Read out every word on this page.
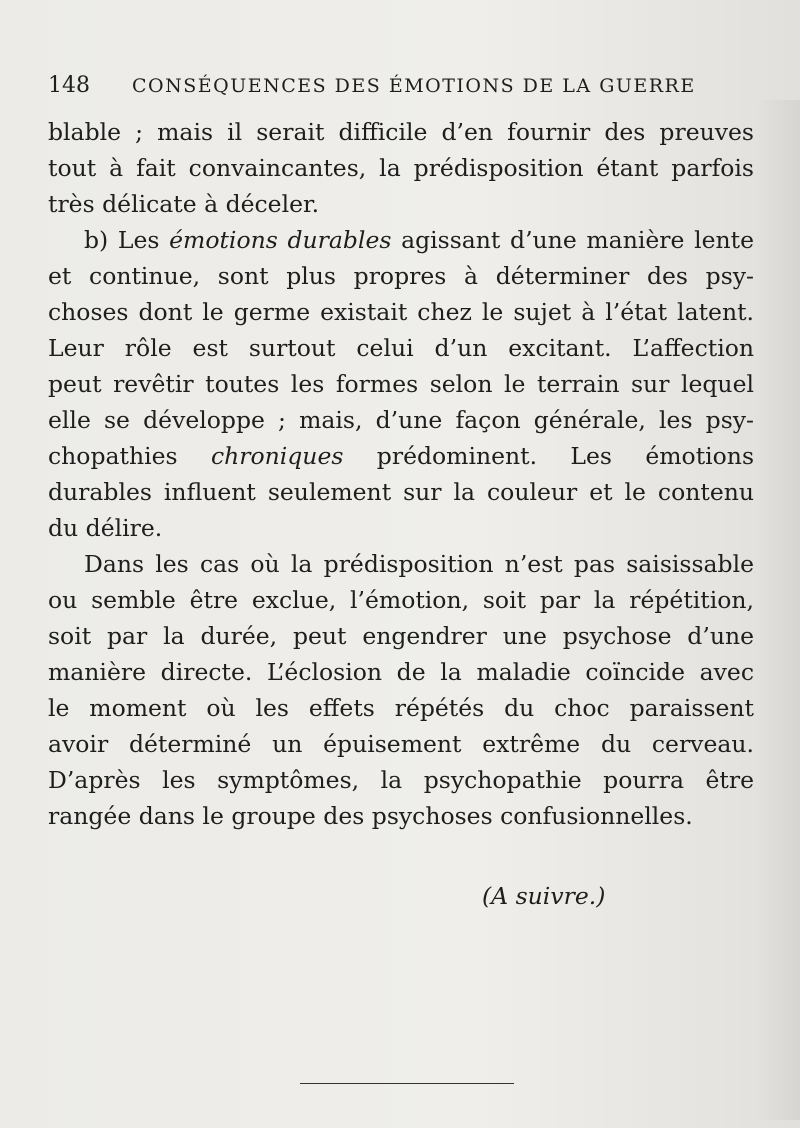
148 CONSÉQUENCES DES ÉMOTIONS DE LA GUERRE
blable ; mais il serait difficile d’en fournir des preuves
tout à fait convaincantes, la prédisposition étant parfois
très délicate à déceler.
b) Les émotions durables agissant d’une manière lente
et continue, sont plus propres à déterminer des psy-
choses dont le germe existait chez le sujet à l’état latent.
Leur rôle est surtout celui d’un excitant. L’affection
peut revêtir toutes les formes selon le terrain sur lequel
elle se développe ; mais, d’une façon générale, les psy-
chopathies chroniques prédominent. Les émotions
durables influent seulement sur la couleur et le contenu
du délire.
Dans les cas où la prédisposition n’est pas saisissable
ou semble être exclue, l’émotion, soit par la répétition,
soit par la durée, peut engendrer une psychose d’une
manière directe. L’éclosion de la maladie coïncide avec
le moment où les effets répétés du choc paraissent
avoir déterminé un épuisement extrême du cerveau.
D’après les symptômes, la psychopathie pourra être
rangée dans le groupe des psychoses confusionnelles.
(A suivre.)
